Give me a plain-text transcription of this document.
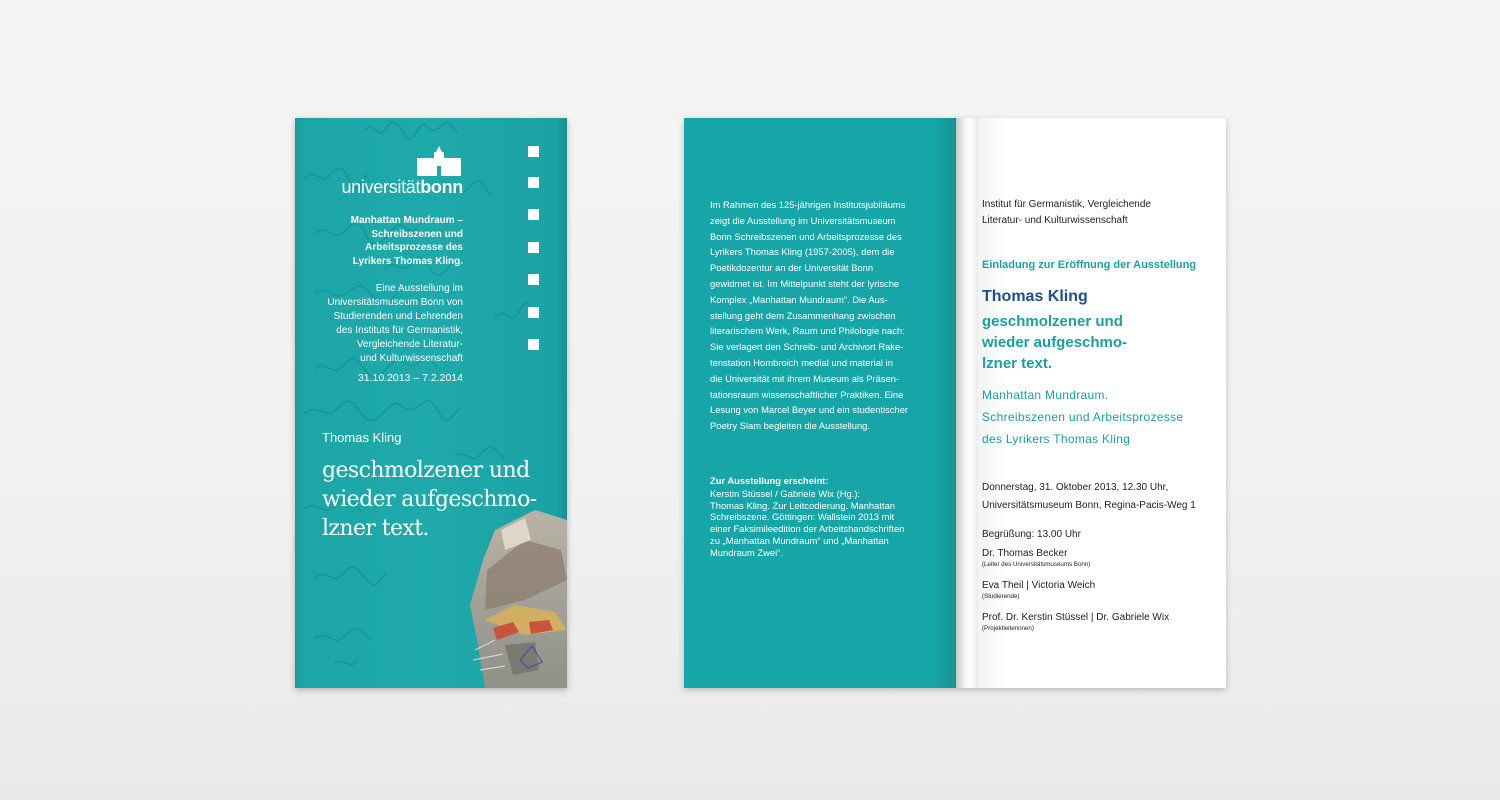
universitätbonn
Manhattan Mundraum –
Schreibszenen und
Arbeitsprozesse des
Lyrikers Thomas Kling.
Eine Ausstellung im
Universitätsmuseum Bonn von
Studierenden und Lehrenden
des Instituts für Germanistik,
Vergleichende Literatur-
und Kulturwissenschaft
31.10.2013 – 7.2.2014
Thomas Kling
geschmolzener und
wieder aufgeschmo-
lzner text.
Im Rahmen des 125-jährigen Institutsjubiläums
zeigt die Ausstellung im Universitätsmuseum
Bonn Schreibszenen und Arbeitsprozesse des
Lyrikers Thomas Kling (1957-2005), dem die
Poetikdozentur an der Universität Bonn
gewidmet ist. Im Mittelpunkt steht der lyrische
Komplex „Manhattan Mundraum“. Die Aus-
stellung geht dem Zusammenhang zwischen
literarischem Werk, Raum und Philologie nach:
Sie verlagert den Schreib- und Archivort Rake-
tenstation Hombroich medial und material in
die Universität mit ihrem Museum als Präsen-
tationsraum wissenschaftlicher Praktiken. Eine
Lesung von Marcel Beyer und ein studentischer
Poetry Slam begleiten die Ausstellung.
Zur Ausstellung erscheint:
Kerstin Stüssel / Gabriele Wix (Hg.):
Thomas Kling. Zur Leitcodierung. Manhattan
Schreibszene. Göttingen: Wallstein 2013 mit
einer Faksimileedition der Arbeitshandschriften
zu „Manhattan Mundraum“ und „Manhattan
Mundraum Zwei“.
Institut für Germanistik, Vergleichende
Literatur- und Kulturwissenschaft
Einladung zur Eröffnung der Ausstellung
Thomas Kling
geschmolzener und
wieder aufgeschmo-
lzner text.
Manhattan Mundraum.
Schreibszenen und Arbeitsprozesse
des Lyrikers Thomas Kling
Donnerstag, 31. Oktober 2013, 12.30 Uhr,
Universitätsmuseum Bonn, Regina-Pacis-Weg 1
Begrüßung: 13.00 Uhr
Dr. Thomas Becker
(Leiter des Universitätsmuseums Bonn)
Eva Theil | Victoria Weich
(Studierende)
Prof. Dr. Kerstin Stüssel | Dr. Gabriele Wix
(Projektleiterinnen)
